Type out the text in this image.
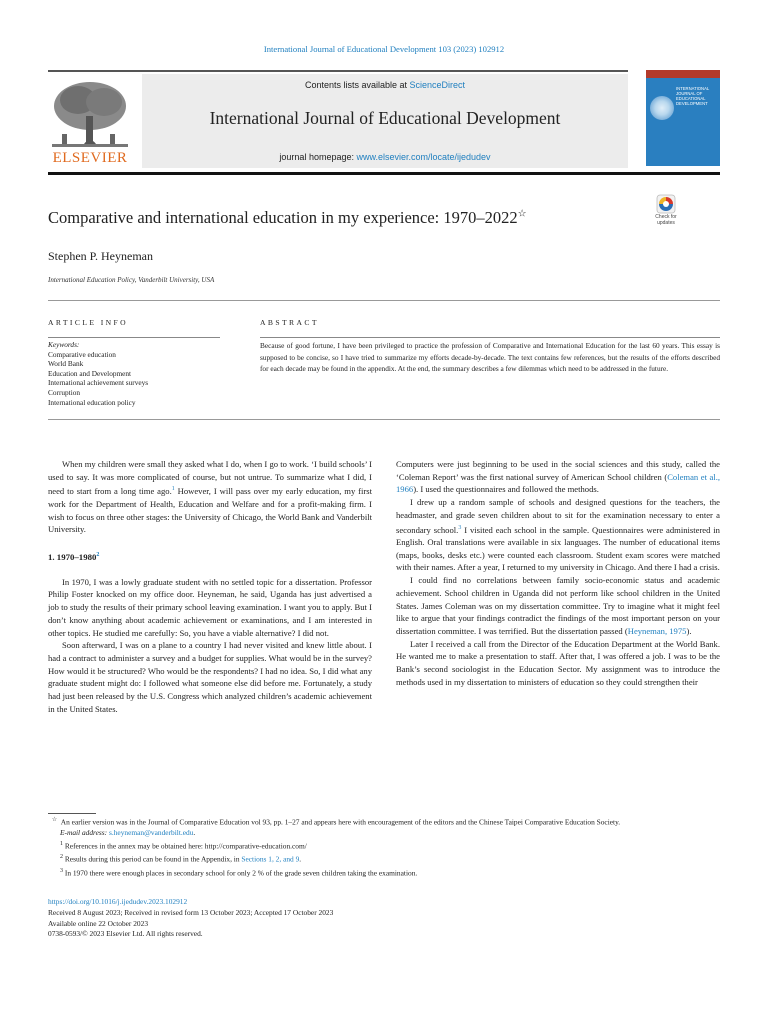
International Journal of Educational Development 103 (2023) 102912
ELSEVIER
Contents lists available at ScienceDirect
International Journal of Educational Development
journal homepage: www.elsevier.com/locate/ijedudev
INTERNATIONAL JOURNAL OF EDUCATIONAL DEVELOPMENT
Comparative and international education in my experience: 1970–2022☆	Check for updates
Stephen P. Heyneman
International Education Policy, Vanderbilt University, USA
ARTICLE INFO	ABSTRACT
Keywords:
Comparative education
World Bank
Education and Development
International achievement surveys
Corruption
International education policy
Because of good fortune, I have been privileged to practice the profession of Comparative and International Education for the last 60 years. This essay is supposed to be concise, so I have tried to summarize my efforts decade-by-decade. The text contains few references, but the results of the efforts described for each decade may be found in the appendix. At the end, the summary describes a few dilemmas which need to be addressed in the future.

When my children were small they asked what I do, when I go to work. ‘I build schools’ I used to say. It was more complicated of course, but not untrue. To summarize what I did, I need to start from a long time ago.$^1$ However, I will pass over my early education, my first work for the Department of Health, Education and Welfare and for a profit-making firm. I wish to focus on three other stages: the University of Chicago, the World Bank and Vanderbilt University.

1. 1970–1980$^2$

In 1970, I was a lowly graduate student with no settled topic for a dissertation. Professor Philip Foster knocked on my office door. Heyneman, he said, Uganda has just advertised a job to study the results of their primary school leaving examination. I want you to apply. But I don’t know anything about academic achievement or examinations, and I am interested in other topics. He studied me carefully: So, you have a viable alternative? I did not.

Soon afterward, I was on a plane to a country I had never visited and knew little about. I had a contract to administer a survey and a budget for supplies. What would be in the survey? How would it be structured? Who would be the respondents? I had no idea. So, I did what any graduate student might do: I followed what someone else did before me. Fortunately, a study had just been released by the U.S. Congress which analyzed children’s academic achievement in the United States.

Computers were just beginning to be used in the social sciences and this study, called the ‘Coleman Report’ was the first national survey of American School children (Coleman et al., 1966). I used the questionnaires and followed the methods.

I drew up a random sample of schools and designed questions for the teachers, the headmaster, and grade seven children about to sit for the examination necessary to enter a secondary school.$^3$ I visited each school in the sample. Questionnaires were administered in English. Oral translations were available in six languages. The number of educational items (maps, books, desks etc.) were counted each classroom. Student exam scores were matched with their names. After a year, I returned to my university in Chicago. And there I had a crisis.

I could find no correlations between family socio-economic status and academic achievement. School children in Uganda did not perform like school children in the United States. James Coleman was on my dissertation committee. Try to imagine what it might feel like to argue that your findings contradict the findings of the most important person on your dissertation committee. I was terrified. But the dissertation passed (Heyneman, 1975).

Later I received a call from the Director of the Education Department at the World Bank. He wanted me to make a presentation to staff. After that, I was offered a job. I was to be the Bank’s second sociologist in the Education Sector. My assignment was to introduce the methods used in my dissertation to ministers of education so they could strengthen their

☆ An earlier version was in the Journal of Comparative Education vol 93, pp. 1–27 and appears here with encouragement of the editors and the Chinese Taipei Comparative Education Society.

E-mail address: s.heyneman@vanderbilt.edu.

$^1$ References in the annex may be obtained here: http://comparative-education.com/

$^2$ Results during this period can be found in the Appendix, in Sections 1, 2, and 9.

$^3$ In 1970 there were enough places in secondary school for only 2 % of the grade seven children taking the examination.

https://doi.org/10.1016/j.ijedudev.2023.102912
Received 8 August 2023; Received in revised form 13 October 2023; Accepted 17 October 2023
Available online 22 October 2023
0738-0593/© 2023 Elsevier Ltd. All rights reserved.
